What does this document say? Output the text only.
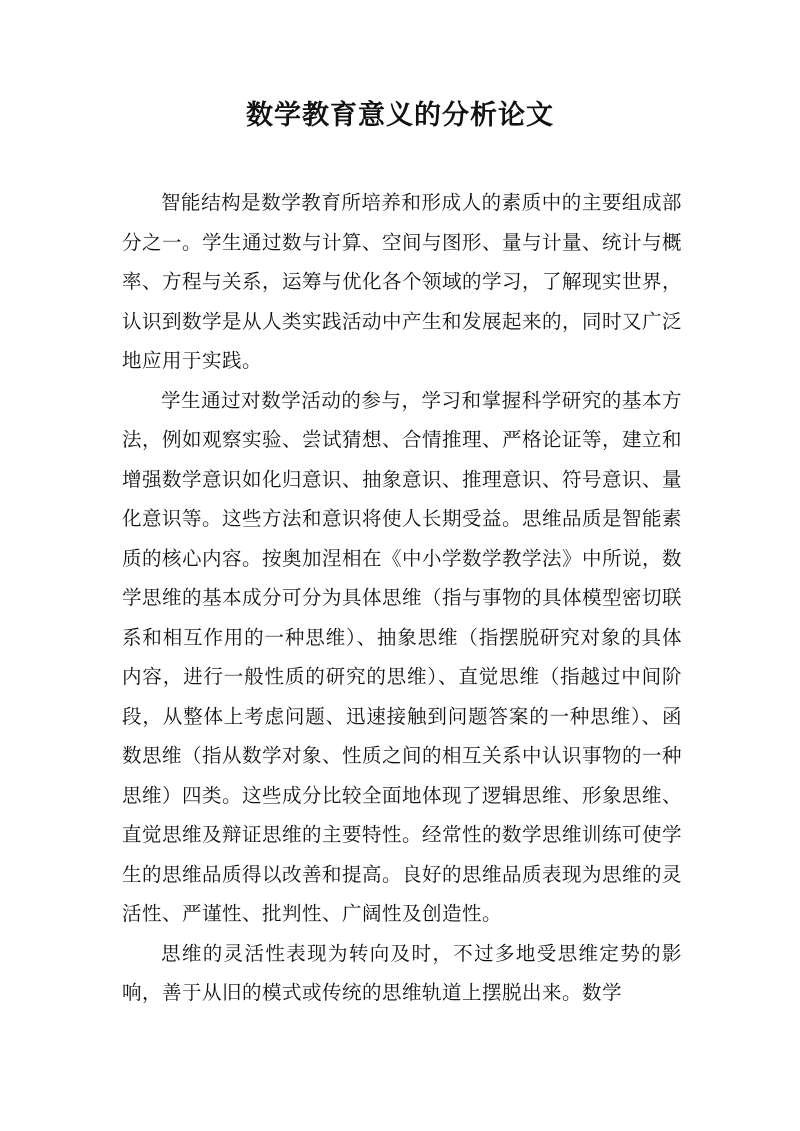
数学教育意义的分析论文

智能结构是数学教育所培养和形成人的素质中的主要组成部分之一。学生通过数与计算、空间与图形、量与计量、统计与概率、方程与关系，运筹与优化各个领域的学习，了解现实世界，认识到数学是从人类实践活动中产生和发展起来的，同时又广泛地应用于实践。

学生通过对数学活动的参与，学习和掌握科学研究的基本方法，例如观察实验、尝试猜想、合情推理、严格论证等，建立和增强数学意识如化归意识、抽象意识、推理意识、符号意识、量化意识等。这些方法和意识将使人长期受益。思维品质是智能素质的核心内容。按奥加涅相在《中小学数学教学法》中所说，数学思维的基本成分可分为具体思维（指与事物的具体模型密切联系和相互作用的一种思维）、抽象思维（指摆脱研究对象的具体内容，进行一般性质的研究的思维）、直觉思维（指越过中间阶段，从整体上考虑问题、迅速接触到问题答案的一种思维）、函数思维（指从数学对象、性质之间的相互关系中认识事物的一种思维）四类。这些成分比较全面地体现了逻辑思维、形象思维、直觉思维及辩证思维的主要特性。经常性的数学思维训练可使学生的思维品质得以改善和提高。良好的思维品质表现为思维的灵活性、严谨性、批判性、广阔性及创造性。

思维的灵活性表现为转向及时，不过多地受思维定势的影响，善于从旧的模式或传统的思维轨道上摆脱出来。数学
